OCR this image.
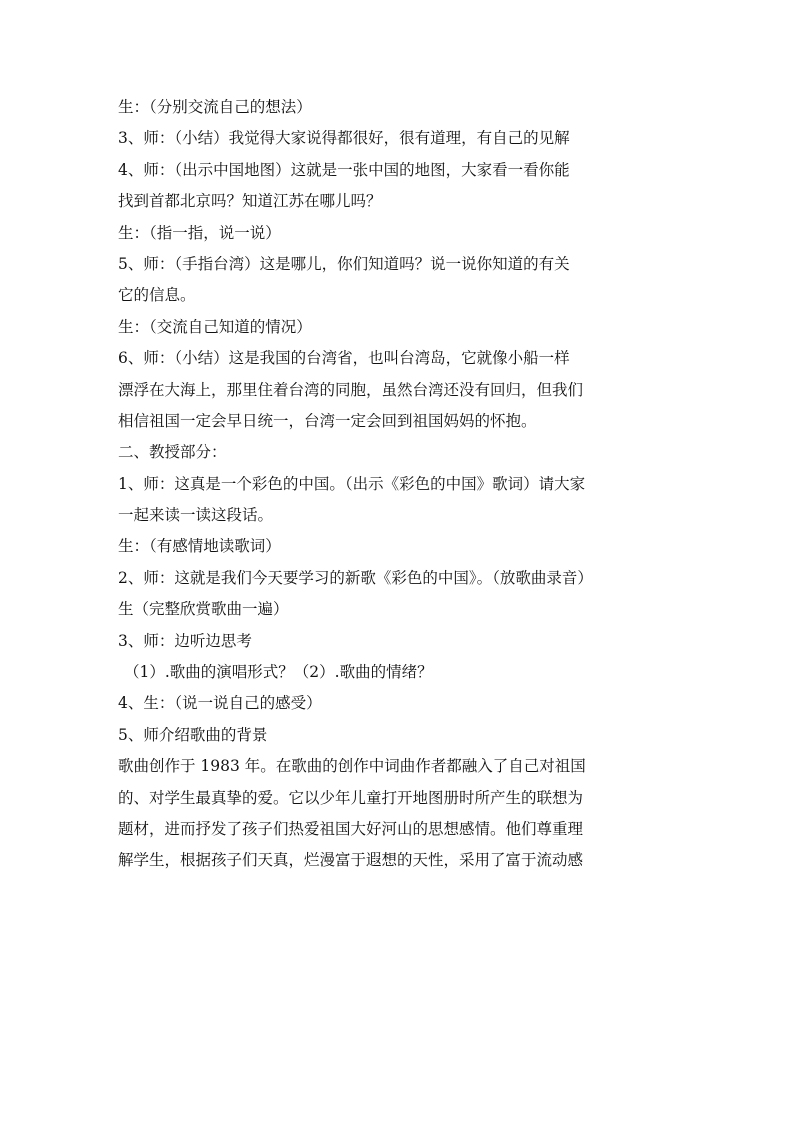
生：（分别交流自己的想法）
3、师：（小结）我觉得大家说得都很好，很有道理，有自己的见解
4、师：（出示中国地图）这就是一张中国的地图，大家看一看你能
找到首都北京吗？知道江苏在哪儿吗？
生：（指一指，说一说）
5、师：（手指台湾）这是哪儿，你们知道吗？说一说你知道的有关
它的信息。
生：（交流自己知道的情况）
6、师：（小结）这是我国的台湾省，也叫台湾岛，它就像小船一样
漂浮在大海上，那里住着台湾的同胞，虽然台湾还没有回归，但我们
相信祖国一定会早日统一，台湾一定会回到祖国妈妈的怀抱。
二、教授部分：
1、师：这真是一个彩色的中国。（出示《彩色的中国》歌词）请大家
一起来读一读这段话。
生：（有感情地读歌词）
2、师：这就是我们今天要学习的新歌《彩色的中国》。（放歌曲录音）
生（完整欣赏歌曲一遍）
3、师：边听边思考
（1）.歌曲的演唱形式？（2）.歌曲的情绪？
4、生：（说一说自己的感受）
5、师介绍歌曲的背景
歌曲创作于 1983 年。在歌曲的创作中词曲作者都融入了自己对祖国
的、对学生最真挚的爱。它以少年儿童打开地图册时所产生的联想为
题材，进而抒发了孩子们热爱祖国大好河山的思想感情。他们尊重理
解学生，根据孩子们天真，烂漫富于遐想的天性，采用了富于流动感
